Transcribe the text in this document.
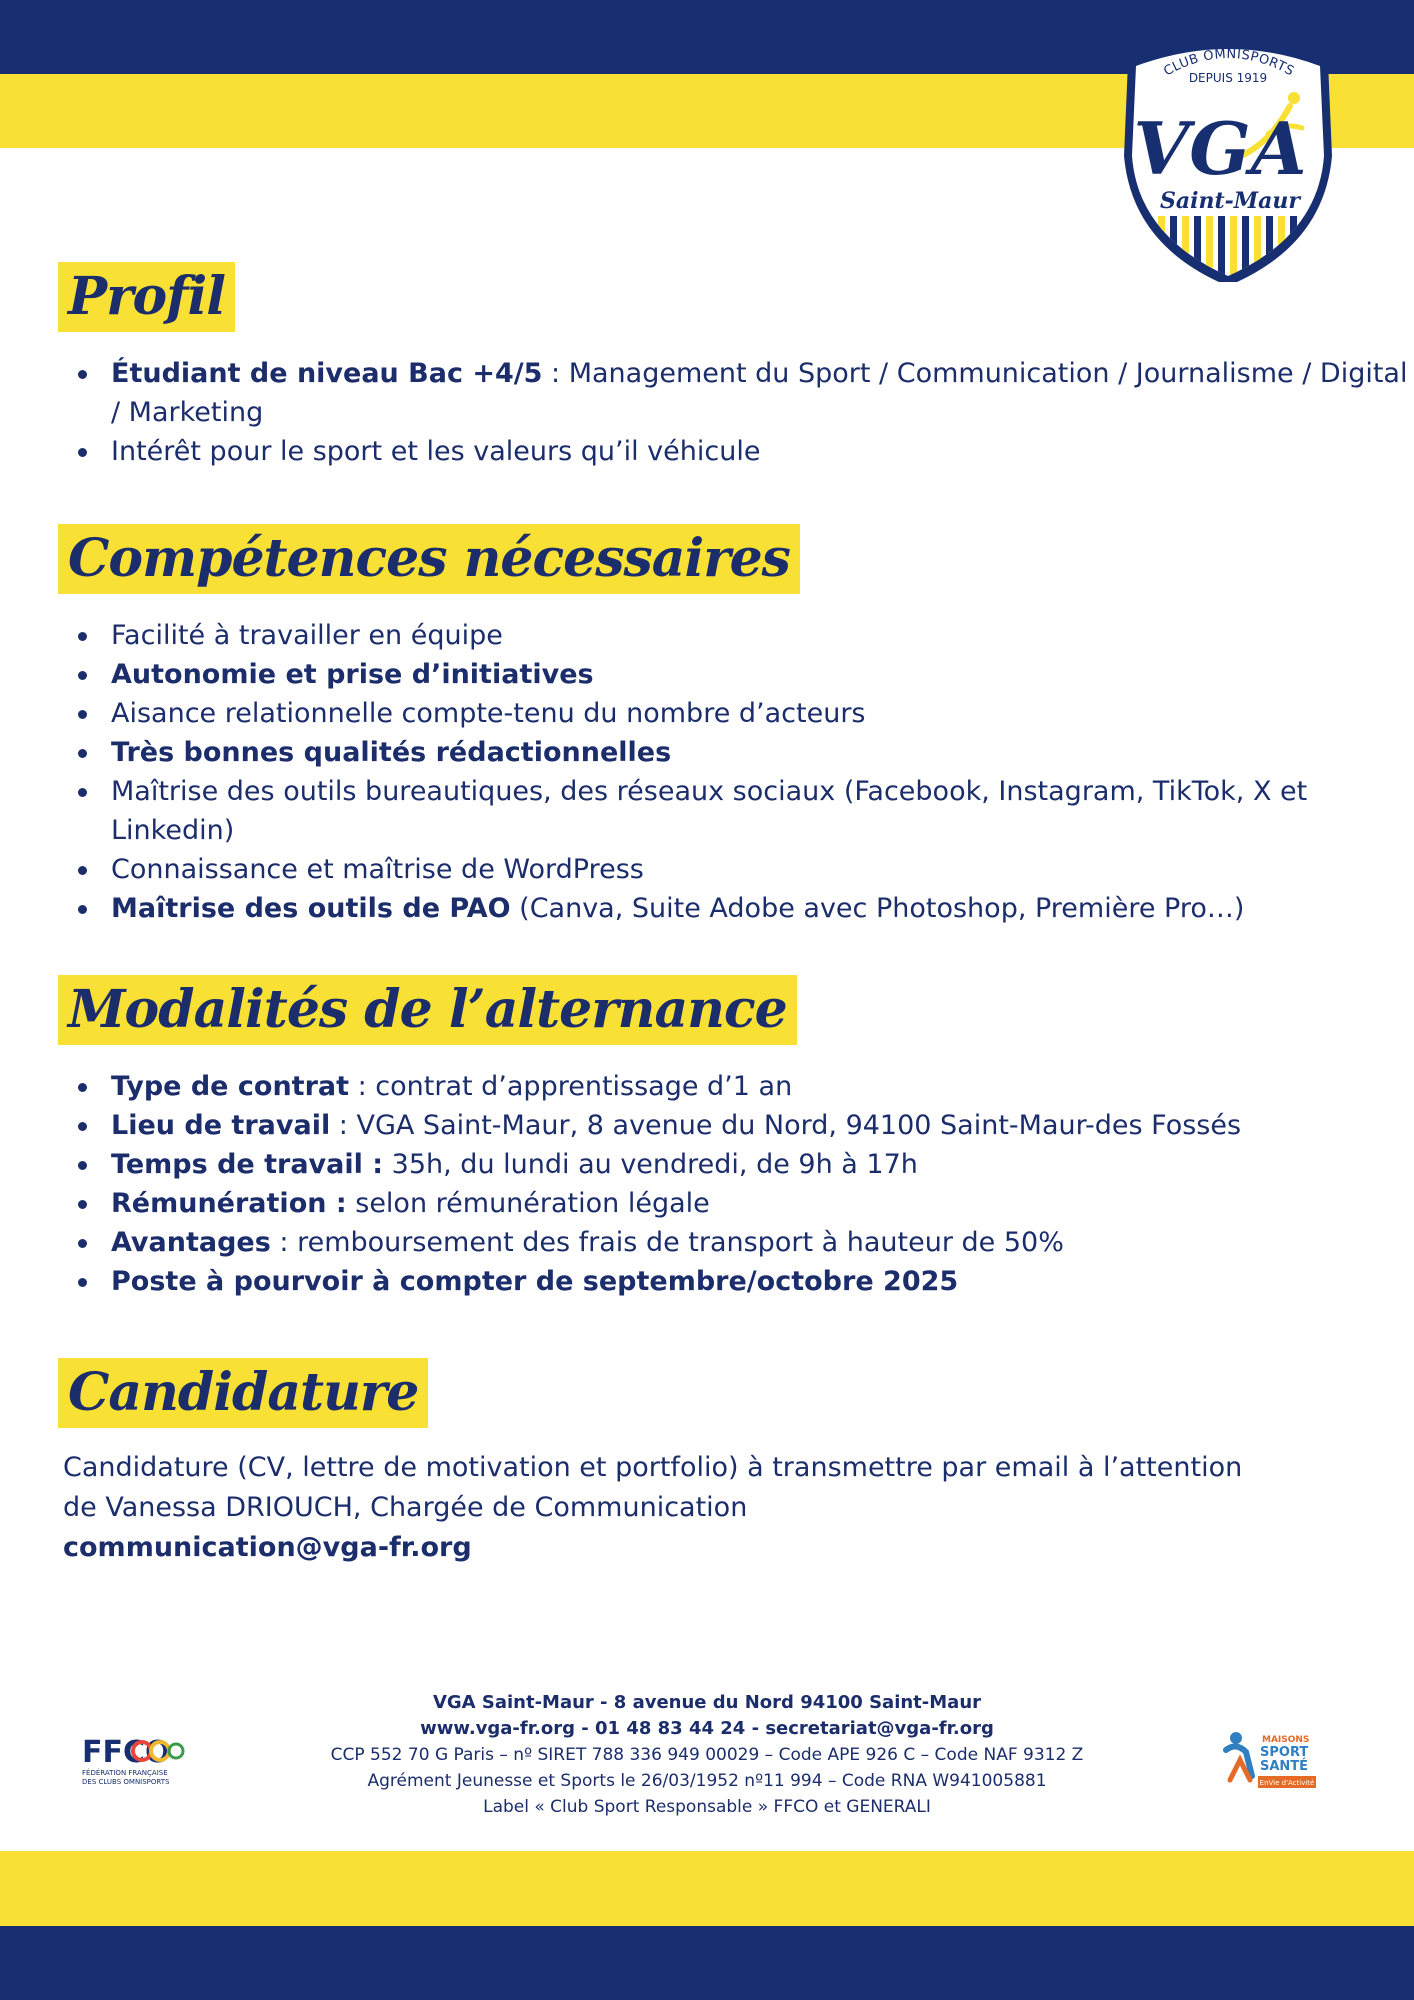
CLUB OMNISPORTS
DEPUIS 1919
VGA
Saint-Maur
Profil
Étudiant de niveau Bac +4/5 : Management du Sport / Communication / Journalisme / Digital / Marketing
Intérêt pour le sport et les valeurs qu’il véhicule
Compétences nécessaires
Facilité à travailler en équipe
Autonomie et prise d’initiatives
Aisance relationnelle compte-tenu du nombre d’acteurs
Très bonnes qualités rédactionnelles
Maîtrise des outils bureautiques, des réseaux sociaux (Facebook, Instagram, TikTok, X et Linkedin)
Connaissance et maîtrise de WordPress
Maîtrise des outils de PAO (Canva, Suite Adobe avec Photoshop, Première Pro…)
Modalités de l’alternance
Type de contrat : contrat d’apprentissage d’1 an
Lieu de travail : VGA Saint-Maur, 8 avenue du Nord, 94100 Saint-Maur-des Fossés
Temps de travail : 35h, du lundi au vendredi, de 9h à 17h
Rémunération : selon rémunération légale
Avantages : remboursement des frais de transport à hauteur de 50%
Poste à pourvoir à compter de septembre/octobre 2025
Candidature
Candidature (CV, lettre de motivation et portfolio) à transmettre par email à l’attention
de Vanessa DRIOUCH, Chargée de Communication
communication@vga-fr.org
FFCO
FÉDÉRATION FRANÇAISE
DES CLUBS OMNISPORTS
VGA Saint-Maur - 8 avenue du Nord 94100 Saint-Maur
www.vga-fr.org - 01 48 83 44 24 - secretariat@vga-fr.org
CCP 552 70 G Paris – nº SIRET 788 336 949 00029 – Code APE 926 C – Code NAF 9312 Z
Agrément Jeunesse et Sports le 26/03/1952 nº11 994 – Code RNA W941005881
Label « Club Sport Responsable » FFCO et GENERALI
MAISONS
SPORT
SANTÉ
EnVie d'Activité
